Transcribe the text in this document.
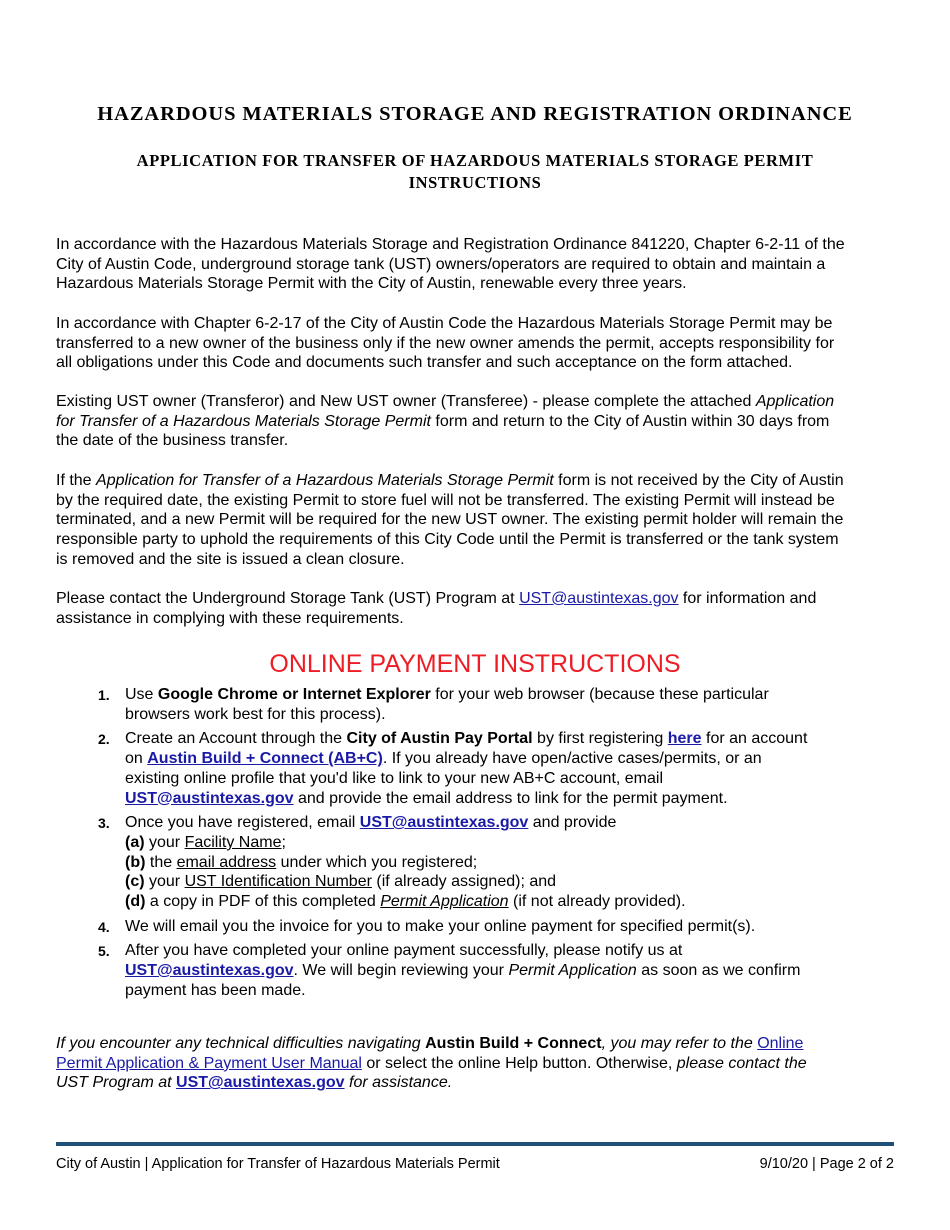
HAZARDOUS MATERIALS STORAGE AND REGISTRATION ORDINANCE
APPLICATION FOR TRANSFER OF HAZARDOUS MATERIALS STORAGE PERMIT
INSTRUCTIONS

In accordance with the Hazardous Materials Storage and Registration Ordinance 841220, Chapter 6-2-11 of the
City of Austin Code, underground storage tank (UST) owners/operators are required to obtain and maintain a
Hazardous Materials Storage Permit with the City of Austin, renewable every three years.

In accordance with Chapter 6-2-17 of the City of Austin Code the Hazardous Materials Storage Permit may be
transferred to a new owner of the business only if the new owner amends the permit, accepts responsibility for
all obligations under this Code and documents such transfer and such acceptance on the form attached.

Existing UST owner (Transferor) and New UST owner (Transferee) - please complete the attached Application
for Transfer of a Hazardous Materials Storage Permit form and return to the City of Austin within 30 days from
the date of the business transfer.

If the Application for Transfer of a Hazardous Materials Storage Permit form is not received by the City of Austin
by the required date, the existing Permit to store fuel will not be transferred. The existing Permit will instead be
terminated, and a new Permit will be required for the new UST owner. The existing permit holder will remain the
responsible party to uphold the requirements of this City Code until the Permit is transferred or the tank system
is removed and the site is issued a clean closure.

Please contact the Underground Storage Tank (UST) Program at UST@austintexas.gov for information and
assistance in complying with these requirements.

ONLINE PAYMENT INSTRUCTIONS
1. Use Google Chrome or Internet Explorer for your web browser (because these particular
browsers work best for this process).
2. Create an Account through the City of Austin Pay Portal by first registering here for an account
on Austin Build + Connect (AB+C). If you already have open/active cases/permits, or an
existing online profile that you'd like to link to your new AB+C account, email
UST@austintexas.gov and provide the email address to link for the permit payment.
3. Once you have registered, email UST@austintexas.gov and provide
(a) your Facility Name;
(b) the email address under which you registered;
(c) your UST Identification Number (if already assigned); and
(d) a copy in PDF of this completed Permit Application (if not already provided).
4. We will email you the invoice for you to make your online payment for specified permit(s).
5. After you have completed your online payment successfully, please notify us at
UST@austintexas.gov. We will begin reviewing your Permit Application as soon as we confirm
payment has been made.

If you encounter any technical difficulties navigating Austin Build + Connect, you may refer to the Online
Permit Application & Payment User Manual or select the online Help button. Otherwise, please contact the
UST Program at UST@austintexas.gov for assistance.

City of Austin | Application for Transfer of Hazardous Materials Permit	9/10/20 | Page 2 of 2
